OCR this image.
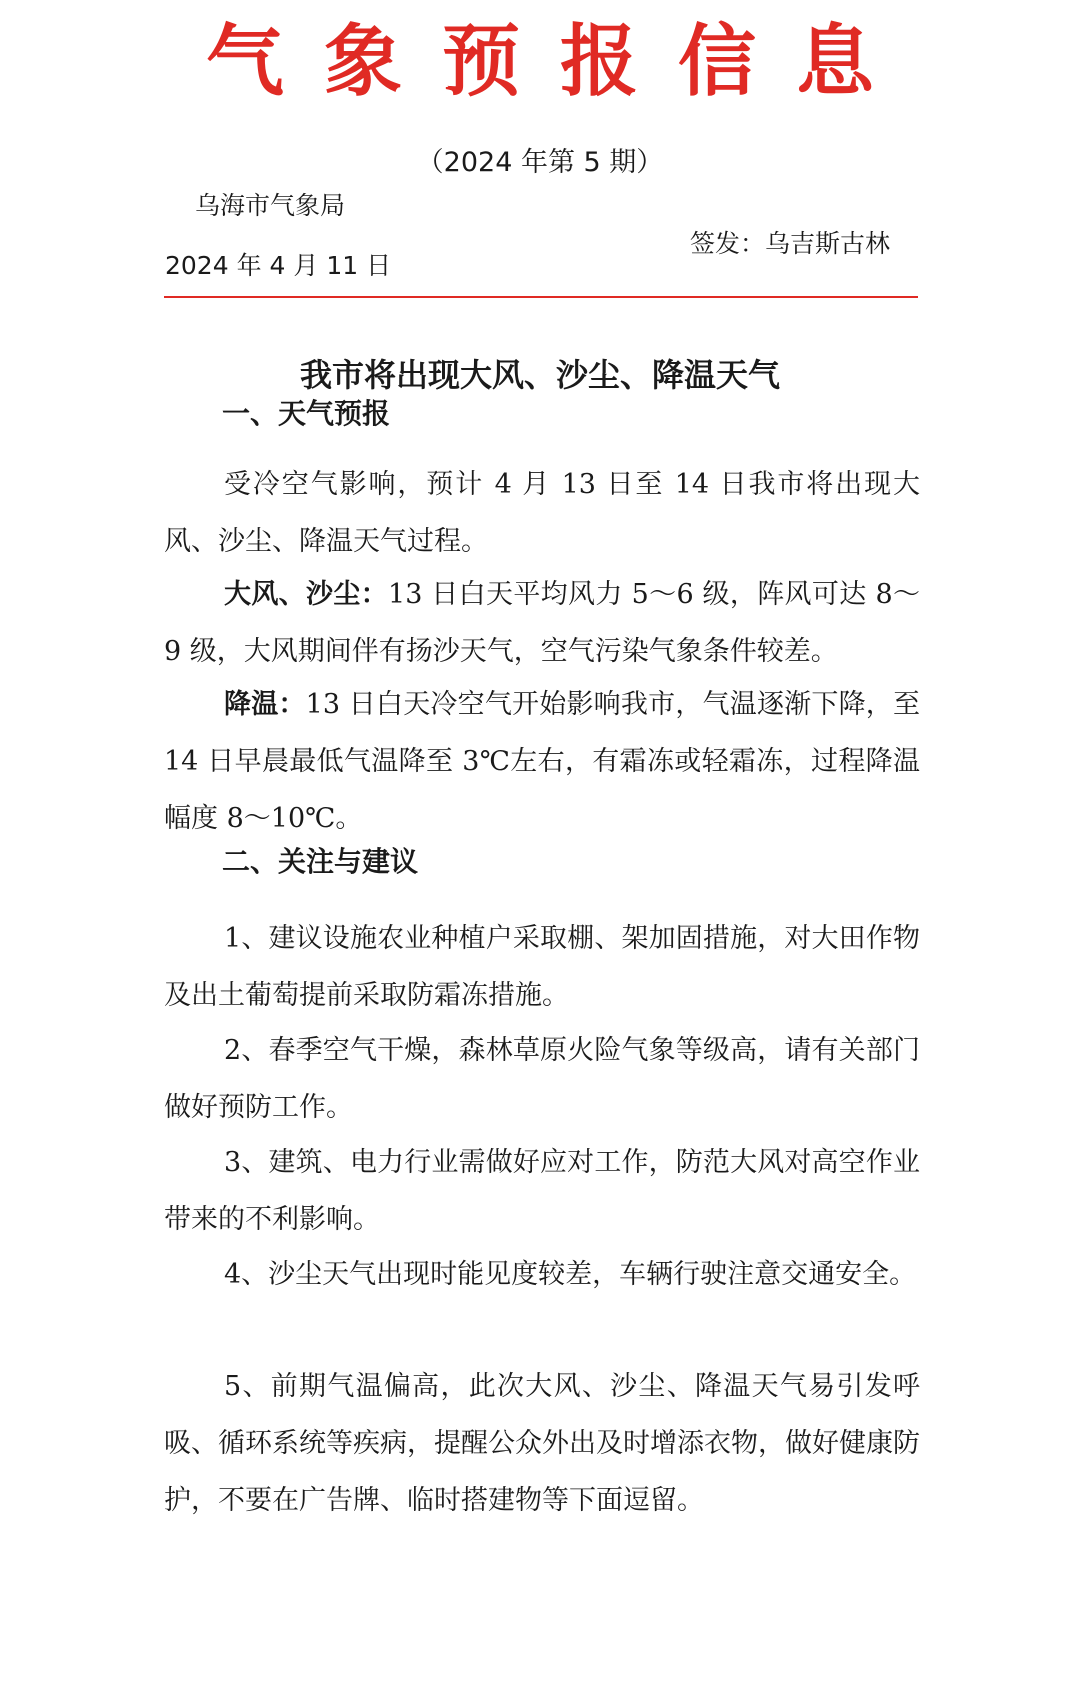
气象预报信息
（2024 年第 5 期）
乌海市气象局
签发：乌吉斯古林
2024 年 4 月 11 日
我市将出现大风、沙尘、降温天气
一、天气预报

受冷空气影响，预计 4 月 13 日至 14 日我市将出现大风、沙尘、降温天气过程。

大风、沙尘：13 日白天平均风力 5～6 级，阵风可达 8～9 级，大风期间伴有扬沙天气，空气污染气象条件较差。

降温：13 日白天冷空气开始影响我市，气温逐渐下降，至 14 日早晨最低气温降至 3℃左右，有霜冻或轻霜冻，过程降温幅度 8～10℃。

二、关注与建议

1、建议设施农业种植户采取棚、架加固措施，对大田作物及出土葡萄提前采取防霜冻措施。

2、春季空气干燥，森林草原火险气象等级高，请有关部门做好预防工作。

3、建筑、电力行业需做好应对工作，防范大风对高空作业带来的不利影响。

4、沙尘天气出现时能见度较差，车辆行驶注意交通安全。

5、前期气温偏高，此次大风、沙尘、降温天气易引发呼吸、循环系统等疾病，提醒公众外出及时增添衣物，做好健康防护，不要在广告牌、临时搭建物等下面逗留。
